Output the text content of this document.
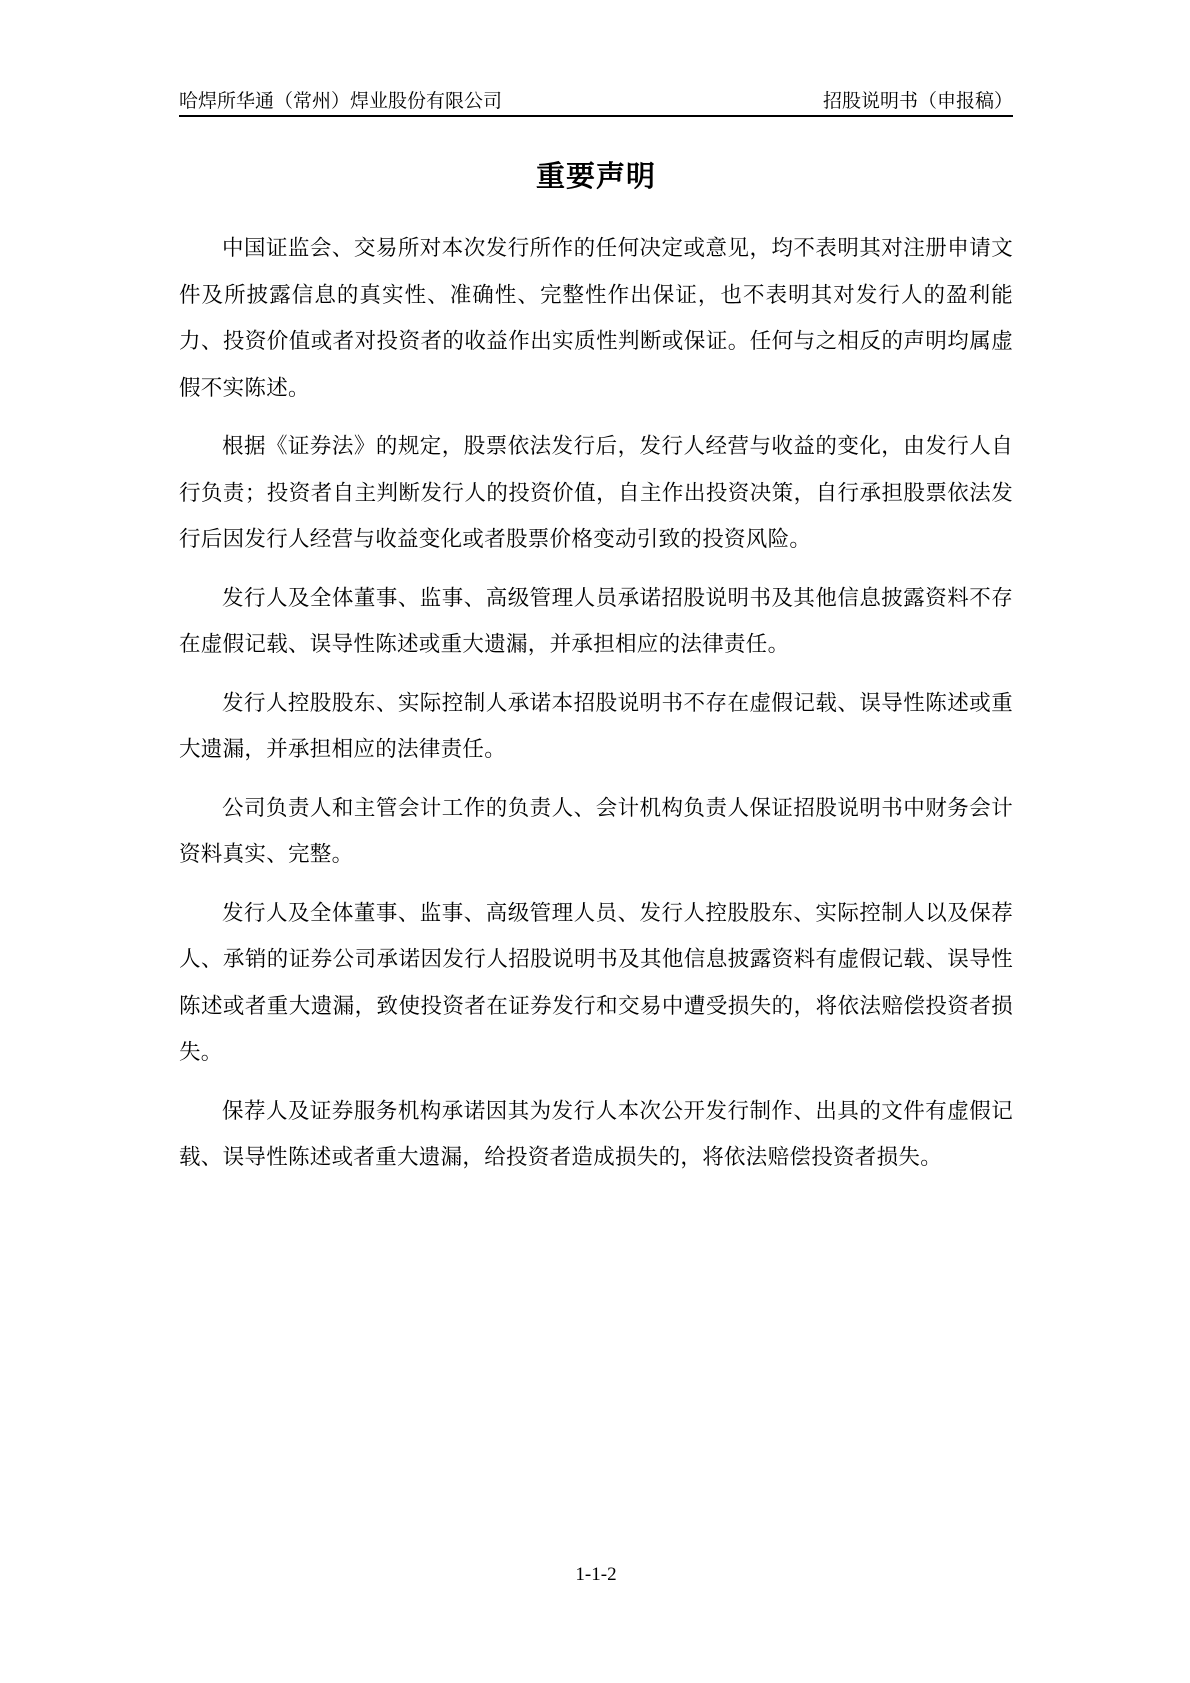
哈焊所华通（常州）焊业股份有限公司	招股说明书（申报稿）
重要声明

中国证监会、交易所对本次发行所作的任何决定或意见，均不表明其对注册申请文件及所披露信息的真实性、准确性、完整性作出保证，也不表明其对发行人的盈利能力、投资价值或者对投资者的收益作出实质性判断或保证。任何与之相反的声明均属虚假不实陈述。

根据《证券法》的规定，股票依法发行后，发行人经营与收益的变化，由发行人自行负责；投资者自主判断发行人的投资价值，自主作出投资决策，自行承担股票依法发行后因发行人经营与收益变化或者股票价格变动引致的投资风险。

发行人及全体董事、监事、高级管理人员承诺招股说明书及其他信息披露资料不存在虚假记载、误导性陈述或重大遗漏，并承担相应的法律责任。

发行人控股股东、实际控制人承诺本招股说明书不存在虚假记载、误导性陈述或重大遗漏，并承担相应的法律责任。

公司负责人和主管会计工作的负责人、会计机构负责人保证招股说明书中财务会计资料真实、完整。

发行人及全体董事、监事、高级管理人员、发行人控股股东、实际控制人以及保荐人、承销的证券公司承诺因发行人招股说明书及其他信息披露资料有虚假记载、误导性陈述或者重大遗漏，致使投资者在证券发行和交易中遭受损失的，将依法赔偿投资者损失。

保荐人及证券服务机构承诺因其为发行人本次公开发行制作、出具的文件有虚假记载、误导性陈述或者重大遗漏，给投资者造成损失的，将依法赔偿投资者损失。

1-1-2
